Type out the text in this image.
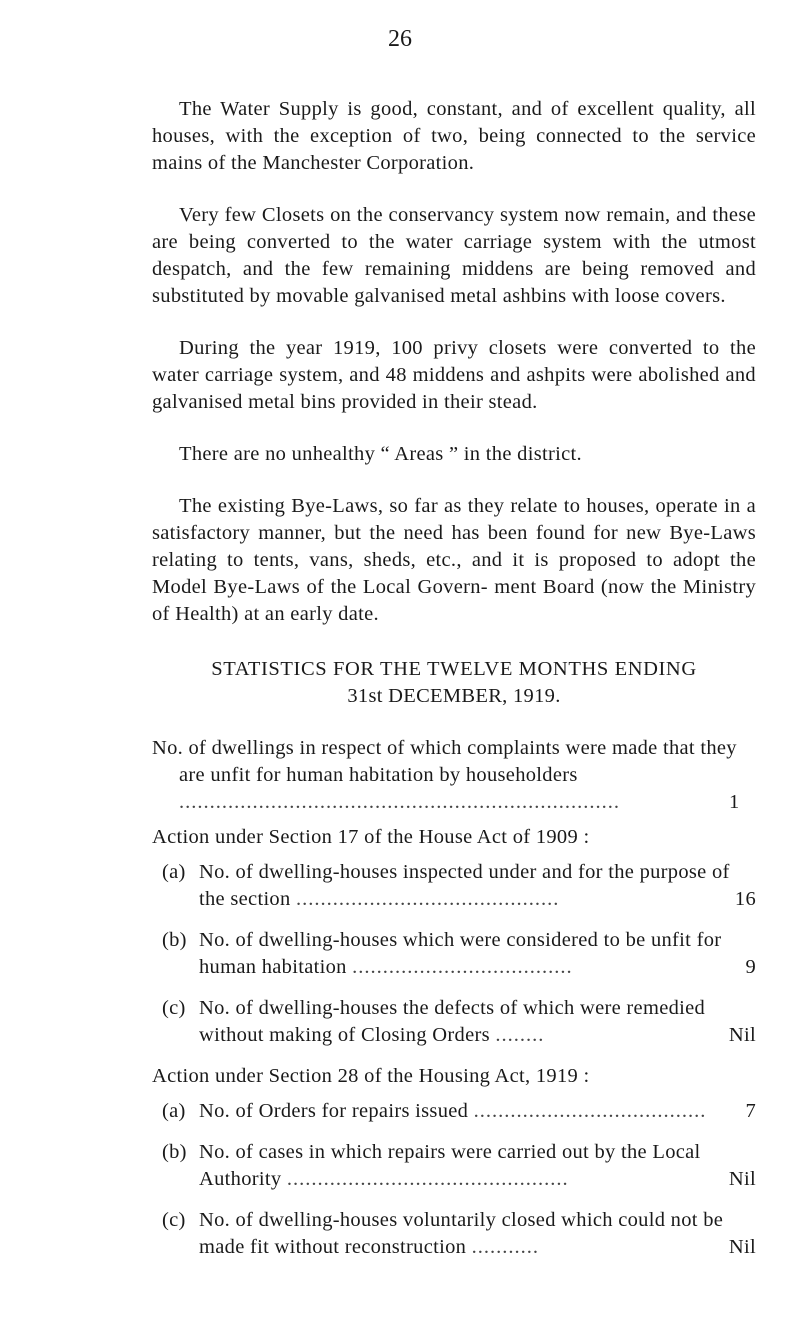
26

The Water Supply is good, constant, and of excellent quality, all houses, with the exception of two, being connected to the service mains of the Manchester Corporation.

Very few Closets on the conservancy system now remain, and these are being converted to the water carriage system with the utmost despatch, and the few remaining middens are being removed and substituted by movable galvanised metal ashbins with loose covers.

During the year 1919, 100 privy closets were converted to the water carriage system, and 48 middens and ashpits were abolished and galvanised metal bins provided in their stead.

There are no unhealthy “ Areas ” in the district.

The existing Bye-Laws, so far as they relate to houses, operate in a satisfactory manner, but the need has been found for new Bye-Laws relating to tents, vans, sheds, etc., and it is proposed to adopt the Model Bye-Laws of the Local Govern- ment Board (now the Ministry of Health) at an early date.

STATISTICS FOR THE TWELVE MONTHS ENDING
31st DECEMBER, 1919.
No. of dwellings in respect of which complaints were made that they are unfit for human habitation by householders ........................................................................	1
Action under Section 17 of the House Act of 1909 :
(a) No. of dwelling-houses inspected under and for the purpose of the section ...........................................	16
(b) No. of dwelling-houses which were considered to be unfit for human habitation ....................................	9
(c) No. of dwelling-houses the defects of which were remedied without making of Closing Orders ........	Nil
Action under Section 28 of the Housing Act, 1919 :
(a) No. of Orders for repairs issued ...................................... 7
(b) No. of cases in which repairs were carried out by the Local Authority ..............................................	Nil
(c) No. of dwelling-houses voluntarily closed which could not be made fit without reconstruction ...........	Nil
